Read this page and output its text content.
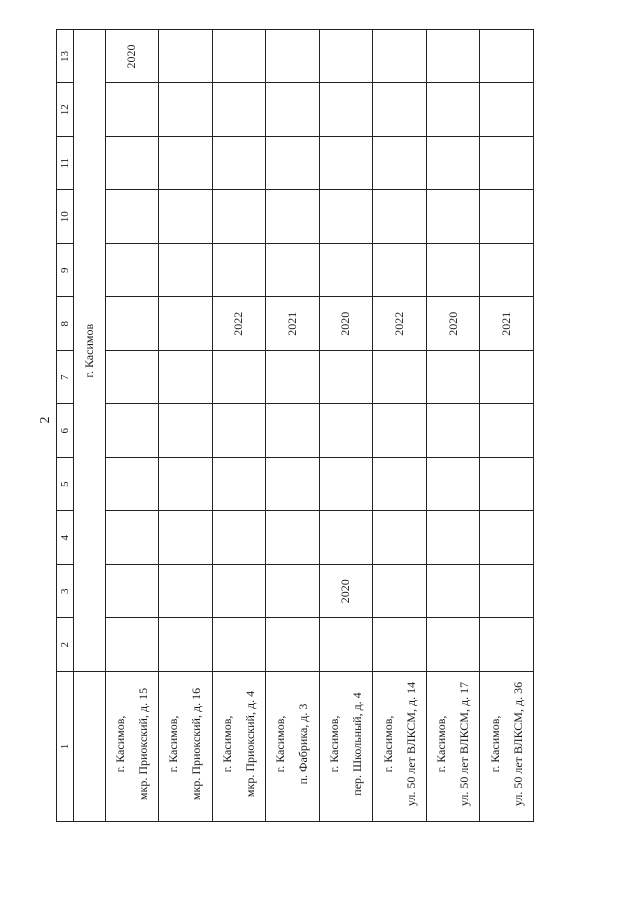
2
1	2	3	4	5	6	7	8	9	10	11	12	13
	г. Касимов											

г. Касимов, мкр. Приокский, д. 15												2020

г. Касимов, мкр. Приокский, д. 16												

г. Касимов, мкр. Приокский, д. 4							2022					

г. Касимов, п. Фабрика, д. 3							2021					

г. Касимов, пер. Школьный, д. 4		2020					2020					

г. Касимов, ул. 50 лет ВЛКСМ, д. 14							2022					

г. Касимов, ул. 50 лет ВЛКСМ, д. 17							2020					

г. Касимов, ул. 50 лет ВЛКСМ, д. 36							2021					
